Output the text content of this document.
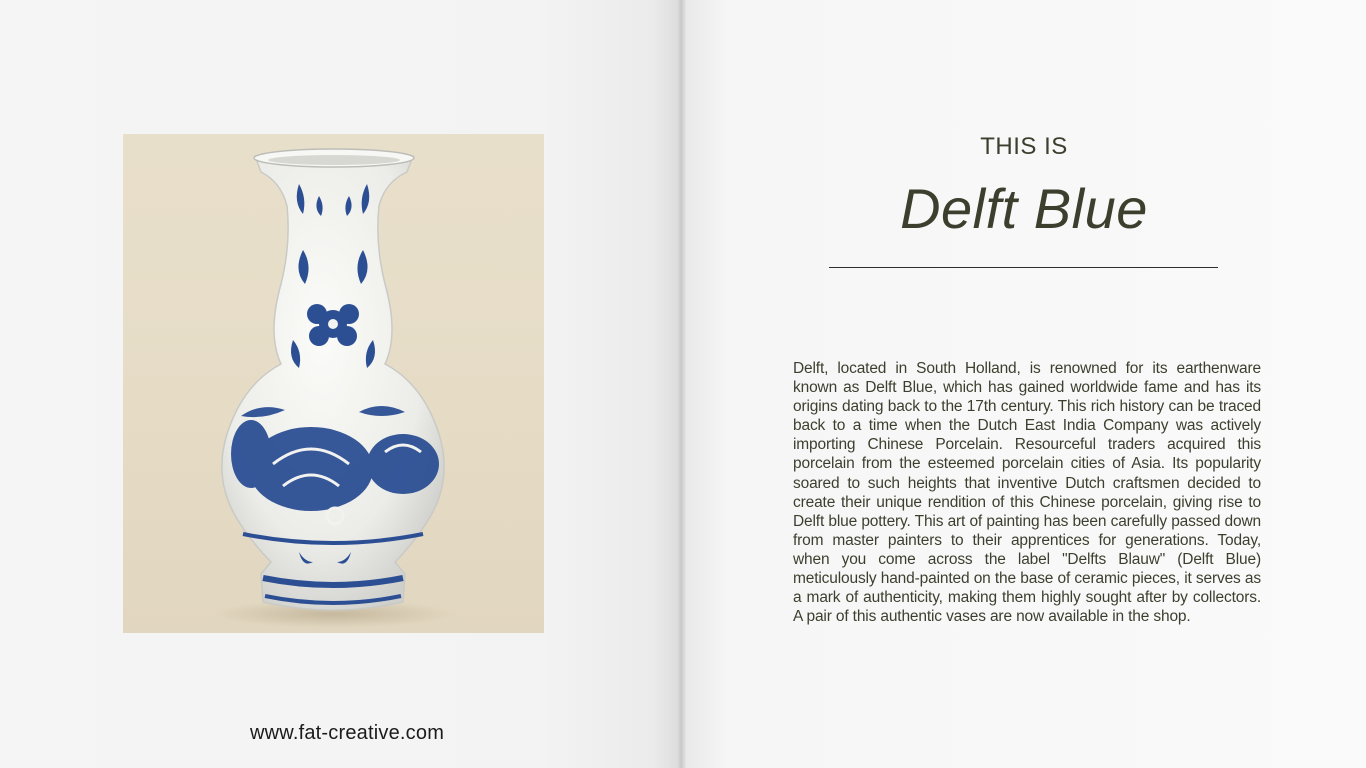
www.fat-creative.com
THIS IS
Delft Blue
Delft, located in South Holland, is renowned for its earthenware known as Delft Blue, which has gained worldwide fame and has its origins dating back to the 17th century. This rich history can be traced back to a time when the Dutch East India Company was actively importing Chinese Porcelain. Resourceful traders acquired this porcelain from the esteemed porcelain cities of Asia. Its popularity soared to such heights that inventive Dutch craftsmen decided to create their unique rendition of this Chinese porcelain, giving rise to Delft blue pottery. This art of painting has been carefully passed down from master painters to their apprentices for generations. Today, when you come across the label "Delfts Blauw" (Delft Blue) meticulously hand-painted on the base of ceramic pieces, it serves as a mark of authenticity, making them highly sought after by collectors. A pair of this authentic vases are now available in the shop.
